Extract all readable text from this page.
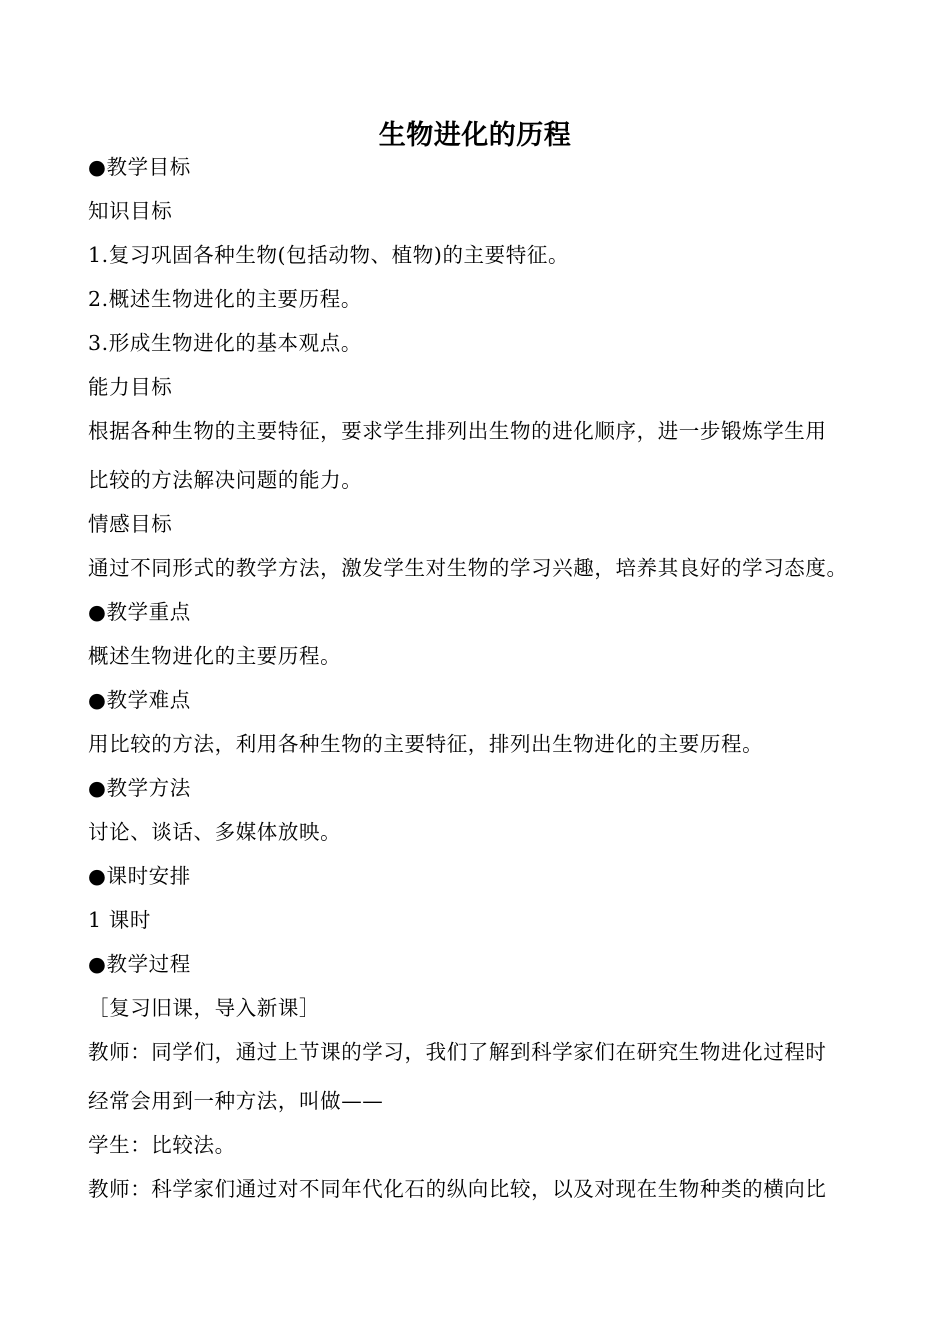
生物进化的历程
●教学目标
知识目标
1.复习巩固各种生物(包括动物、植物)的主要特征。
2.概述生物进化的主要历程。
3.形成生物进化的基本观点。
能力目标
根据各种生物的主要特征，要求学生排列出生物的进化顺序，进一步锻炼学生用
比较的方法解决问题的能力。
情感目标
通过不同形式的教学方法，激发学生对生物的学习兴趣，培养其良好的学习态度。
●教学重点
概述生物进化的主要历程。
●教学难点
用比较的方法，利用各种生物的主要特征，排列出生物进化的主要历程。
●教学方法
讨论、谈话、多媒体放映。
●课时安排
1 课时
●教学过程
［复习旧课，导入新课］
教师：同学们，通过上节课的学习，我们了解到科学家们在研究生物进化过程时
经常会用到一种方法，叫做——
学生：比较法。
教师：科学家们通过对不同年代化石的纵向比较，以及对现在生物种类的横向比
